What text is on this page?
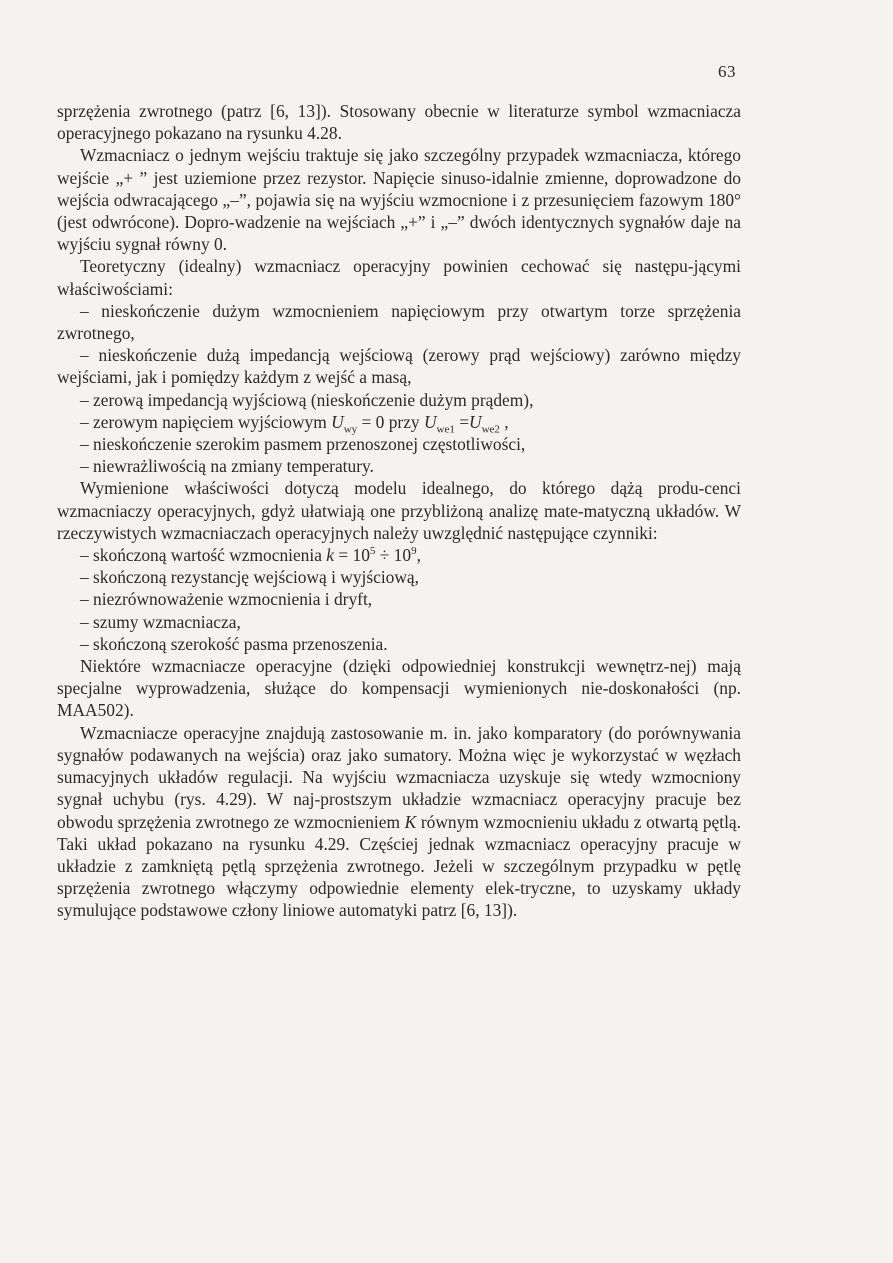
63

sprzężenia zwrotnego (patrz [6, 13]). Stosowany obecnie w literaturze symbol wzmacniacza operacyjnego pokazano na rysunku 4.28.

Wzmacniacz o jednym wejściu traktuje się jako szczególny przypadek wzmacniacza, którego wejście „+ ” jest uziemione przez rezystor. Napięcie sinuso-idalnie zmienne, doprowadzone do wejścia odwracającego „–”, pojawia się na wyjściu wzmocnione i z przesunięciem fazowym 180° (jest odwrócone). Dopro-wadzenie na wejściach „+” i „–” dwóch identycznych sygnałów daje na wyjściu sygnał równy 0.

Teoretyczny (idealny) wzmacniacz operacyjny powinien cechować się następu-jącymi właściwościami:

– nieskończenie dużym wzmocnieniem napięciowym przy otwartym torze sprzężenia zwrotnego,
– nieskończenie dużą impedancją wejściową (zerowy prąd wejściowy) zarówno między wejściami, jak i pomiędzy każdym z wejść a masą,
– zerową impedancją wyjściową (nieskończenie dużym prądem),
– zerowym napięciem wyjściowym $U_{wy} = 0$ przy $U_{we1} =U_{we2}$ ,
– nieskończenie szerokim pasmem przenoszonej częstotliwości,
– niewrażliwością na zmiany temperatury.

Wymienione właściwości dotyczą modelu idealnego, do którego dążą produ-cenci wzmacniaczy operacyjnych, gdyż ułatwiają one przybliżoną analizę mate-matyczną układów. W rzeczywistych wzmacniaczach operacyjnych należy uwzględnić następujące czynniki:

– skończoną wartość wzmocnienia $k = 10^5 \div 10^9$,
– skończoną rezystancję wejściową i wyjściową,
– niezrównoważenie wzmocnienia i dryft,
– szumy wzmacniacza,
– skończoną szerokość pasma przenoszenia.

Niektóre wzmacniacze operacyjne (dzięki odpowiedniej konstrukcji wewnętrz-nej) mają specjalne wyprowadzenia, służące do kompensacji wymienionych nie-doskonałości (np. MAA502).

Wzmacniacze operacyjne znajdują zastosowanie m. in. jako komparatory (do porównywania sygnałów podawanych na wejścia) oraz jako sumatory. Można więc je wykorzystać w węzłach sumacyjnych układów regulacji. Na wyjściu wzmacniacza uzyskuje się wtedy wzmocniony sygnał uchybu (rys. 4.29). W naj-prostszym układzie wzmacniacz operacyjny pracuje bez obwodu sprzężenia zwrotnego ze wzmocnieniem K równym wzmocnieniu układu z otwartą pętlą. Taki układ pokazano na rysunku 4.29. Częściej jednak wzmacniacz operacyjny pracuje w układzie z zamkniętą pętlą sprzężenia zwrotnego. Jeżeli w szczególnym przypadku w pętlę sprzężenia zwrotnego włączymy odpowiednie elementy elek-tryczne, to uzyskamy układy symulujące podstawowe człony liniowe automatyki patrz [6, 13]).
